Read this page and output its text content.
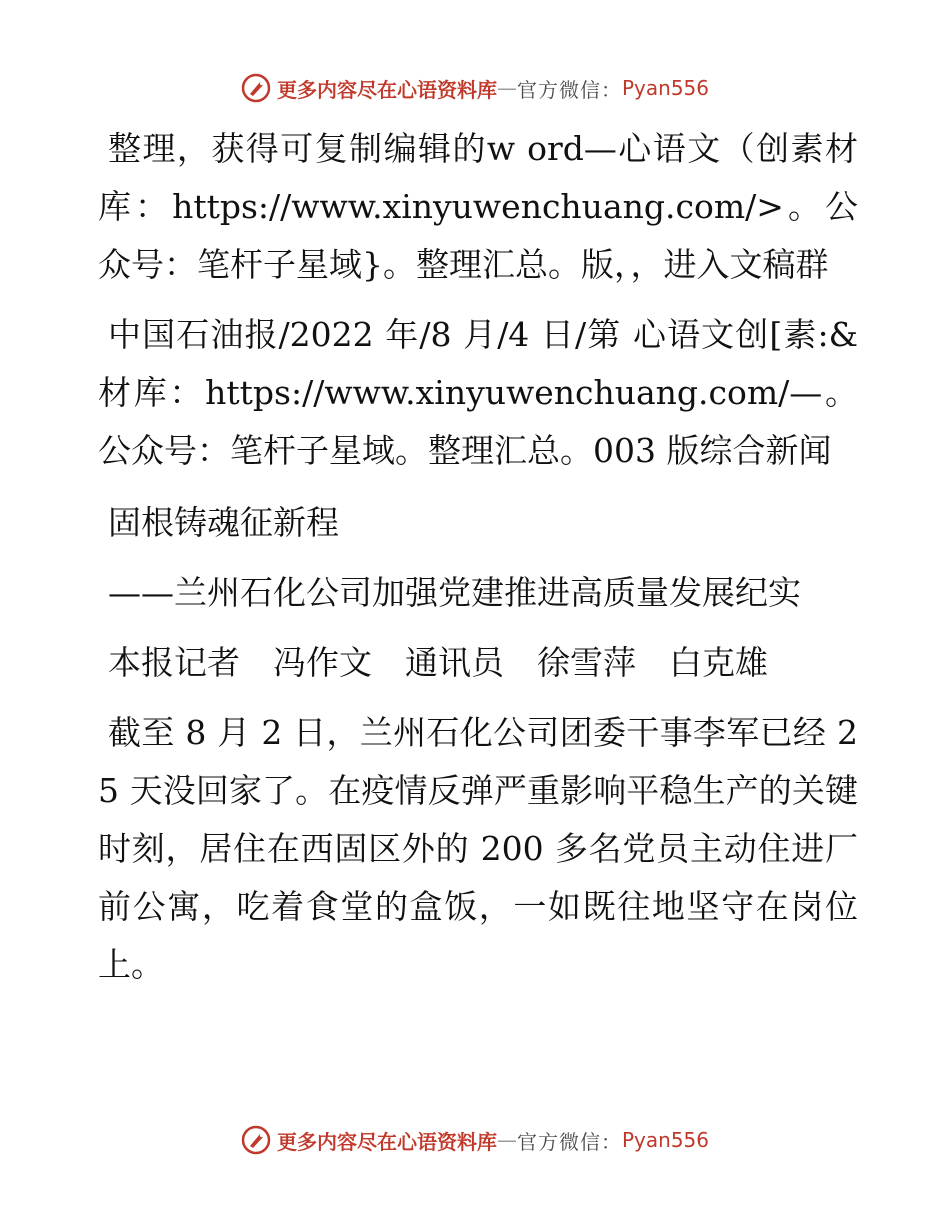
更多内容尽在心语资料库 — 官方微信： Pyan556

整理，获得可复制编辑的w ord—心语文（创素材库：https://www.xinyuwenchuang.com/>。公众号：笔杆子星域}。整理汇总。版，，进入文稿群

中国石油报/2022 年/8 月/4 日/第 心语文创[素:&材库：https://www.xinyuwenchuang.com/—。公众号：笔杆子星域。整理汇总。003 版综合新闻

固根铸魂征新程

——兰州石化公司加强党建推进高质量发展纪实

本报记者　冯作文　通讯员　徐雪萍　白克雄

截至 8 月 2 日，兰州石化公司团委干事李军已经 25 天没回家了。在疫情反弹严重影响平稳生产的关键时刻，居住在西固区外的 200 多名党员主动住进厂前公寓，吃着食堂的盒饭，一如既往地坚守在岗位上。

更多内容尽在心语资料库 — 官方微信： Pyan556
